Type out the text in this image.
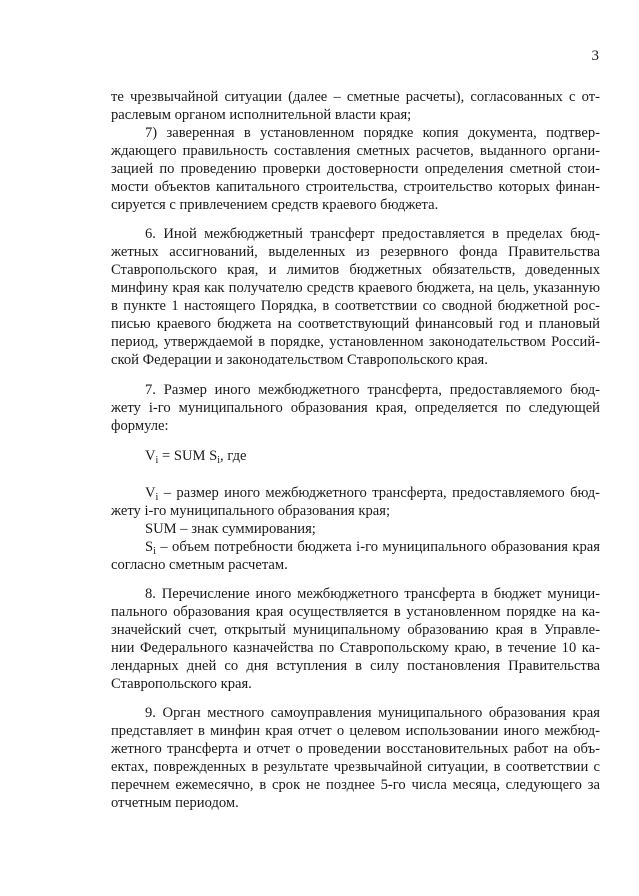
3
те чрезвычайной ситуации (далее – сметные расчеты), согласованных с от-
раслевым органом исполнительной власти края;
7) заверенная в установленном порядке копия документа, подтвер-
ждающего правильность составления сметных расчетов, выданного органи-
зацией по проведению проверки достоверности определения сметной стои-
мости объектов капитального строительства, строительство которых финан-
сируется с привлечением средств краевого бюджета.
6. Иной межбюджетный трансферт предоставляется в пределах бюд-
жетных ассигнований, выделенных из резервного фонда Правительства
Ставропольского края, и лимитов бюджетных обязательств, доведенных
минфину края как получателю средств краевого бюджета, на цель, указанную
в пункте 1 настоящего Порядка, в соответствии со сводной бюджетной рос-
писью краевого бюджета на соответствующий финансовый год и плановый
период, утверждаемой в порядке, установленном законодательством Россий-
ской Федерации и законодательством Ставропольского края.
7. Размер иного межбюджетного трансферта, предоставляемого бюд-
жету i-го муниципального образования края, определяется по следующей
формуле:
$V_i$ – размер иного межбюджетного трансферта, предоставляемого бюд-
жету i-го муниципального образования края;
SUM – знак суммирования;
$S_i$ – объем потребности бюджета i-го муниципального образования края
согласно сметным расчетам.
8. Перечисление иного межбюджетного трансферта в бюджет муници-
пального образования края осуществляется в установленном порядке на ка-
значейский счет, открытый муниципальному образованию края в Управле-
нии Федерального казначейства по Ставропольскому краю, в течение 10 ка-
лендарных дней со дня вступления в силу постановления Правительства
Ставропольского края.
9. Орган местного самоуправления муниципального образования края
представляет в минфин края отчет о целевом использовании иного межбюд-
жетного трансферта и отчет о проведении восстановительных работ на объ-
ектах, поврежденных в результате чрезвычайной ситуации, в соответствии с
перечнем ежемесячно, в срок не позднее 5-го числа месяца, следующего за
отчетным периодом.
$V_i$ = SUM $S_i$, где
